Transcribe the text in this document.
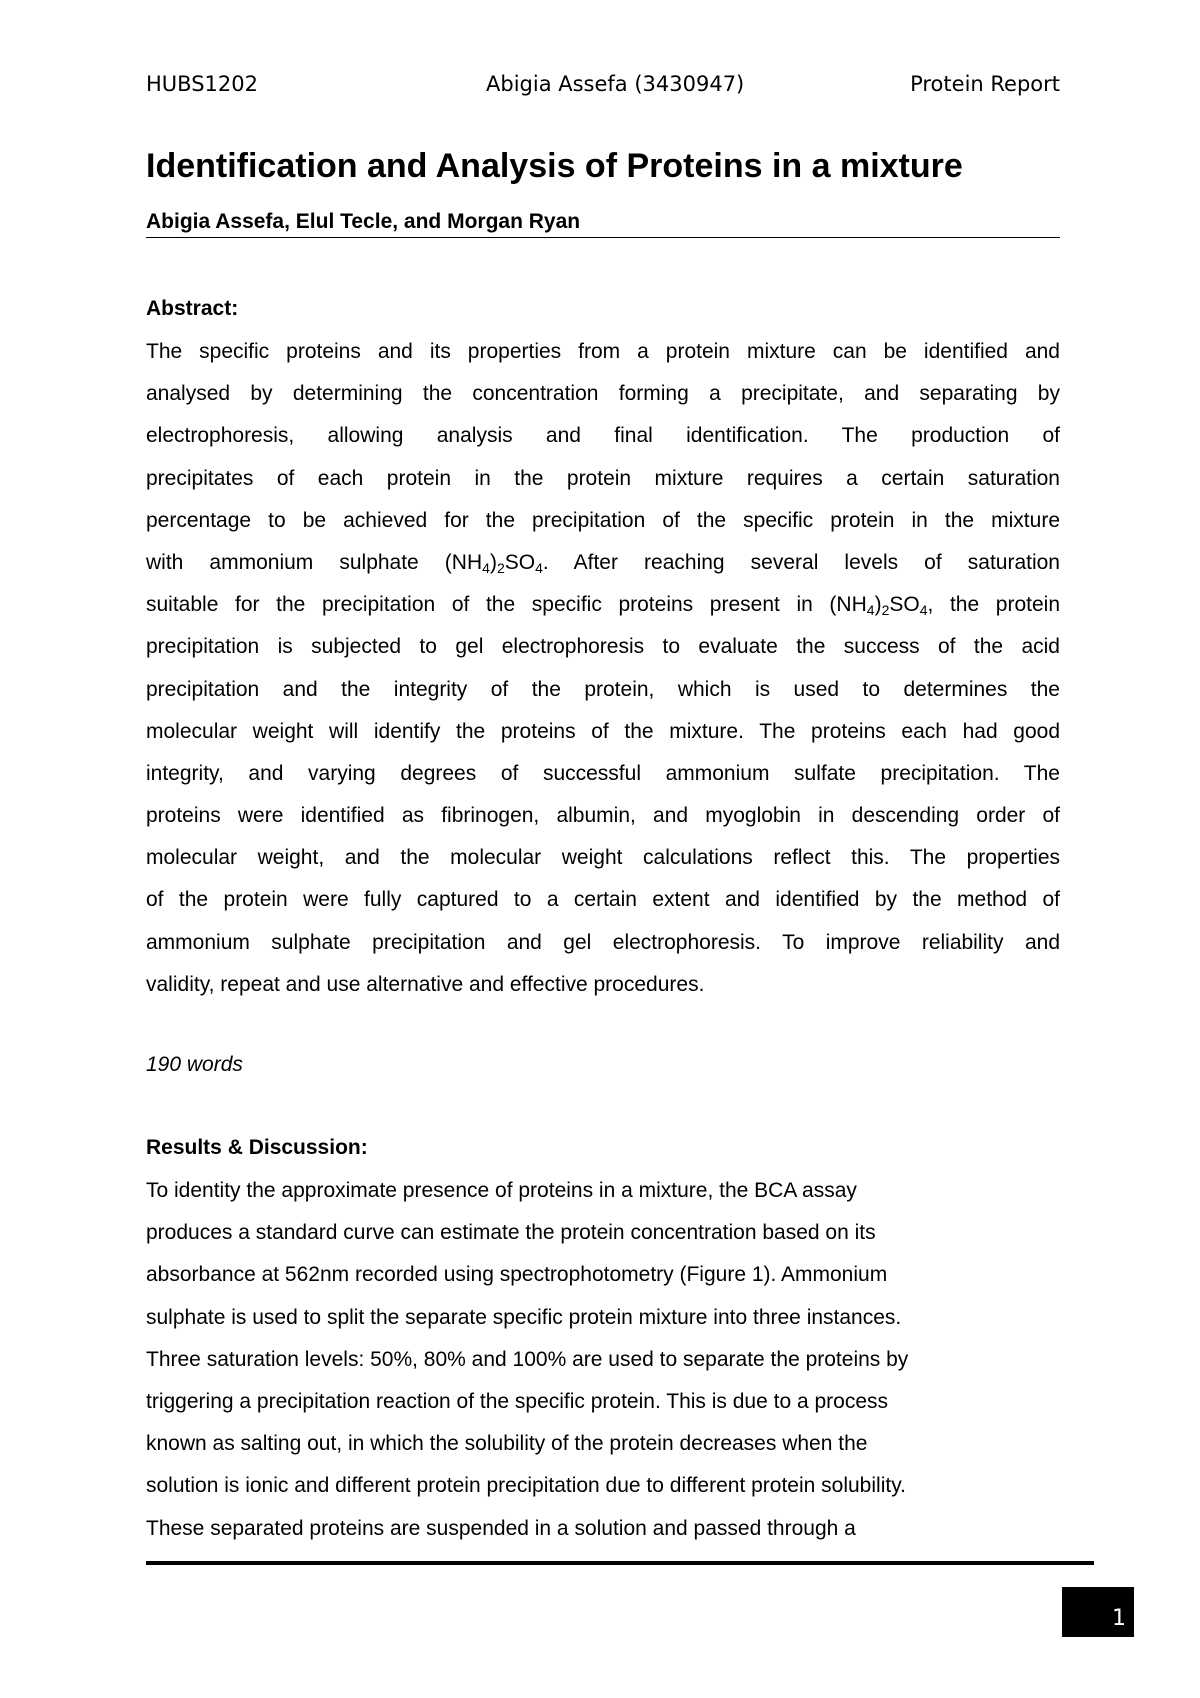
HUBS1202	Abigia Assefa (3430947)	Protein Report
Identification and Analysis of Proteins in a mixture
Abigia Assefa, Elul Tecle, and Morgan Ryan
Abstract:
The specific proteins and its properties from a protein mixture can be identified and
analysed by determining the concentration forming a precipitate, and separating by
electrophoresis, allowing analysis and final identification. The production of
precipitates of each protein in the protein mixture requires a certain saturation
percentage to be achieved for the precipitation of the specific protein in the mixture
with ammonium sulphate $(NH_4)_2SO_4$. After reaching several levels of saturation
suitable for the precipitation of the specific proteins present in $(NH_4)_2SO_4$, the protein
precipitation is subjected to gel electrophoresis to evaluate the success of the acid
precipitation and the integrity of the protein, which is used to determines the
molecular weight will identify the proteins of the mixture. The proteins each had good
integrity, and varying degrees of successful ammonium sulfate precipitation. The
proteins were identified as fibrinogen, albumin, and myoglobin in descending order of
molecular weight, and the molecular weight calculations reflect this. The properties
of the protein were fully captured to a certain extent and identified by the method of
ammonium sulphate precipitation and gel electrophoresis. To improve reliability and
validity, repeat and use alternative and effective procedures.
190 words
Results & Discussion:
To identity the approximate presence of proteins in a mixture, the BCA assay
produces a standard curve can estimate the protein concentration based on its
absorbance at 562nm recorded using spectrophotometry (Figure 1). Ammonium
sulphate is used to split the separate specific protein mixture into three instances.
Three saturation levels: 50%, 80% and 100% are used to separate the proteins by
triggering a precipitation reaction of the specific protein. This is due to a process
known as salting out, in which the solubility of the protein decreases when the
solution is ionic and different protein precipitation due to different protein solubility.
These separated proteins are suspended in a solution and passed through a
1
